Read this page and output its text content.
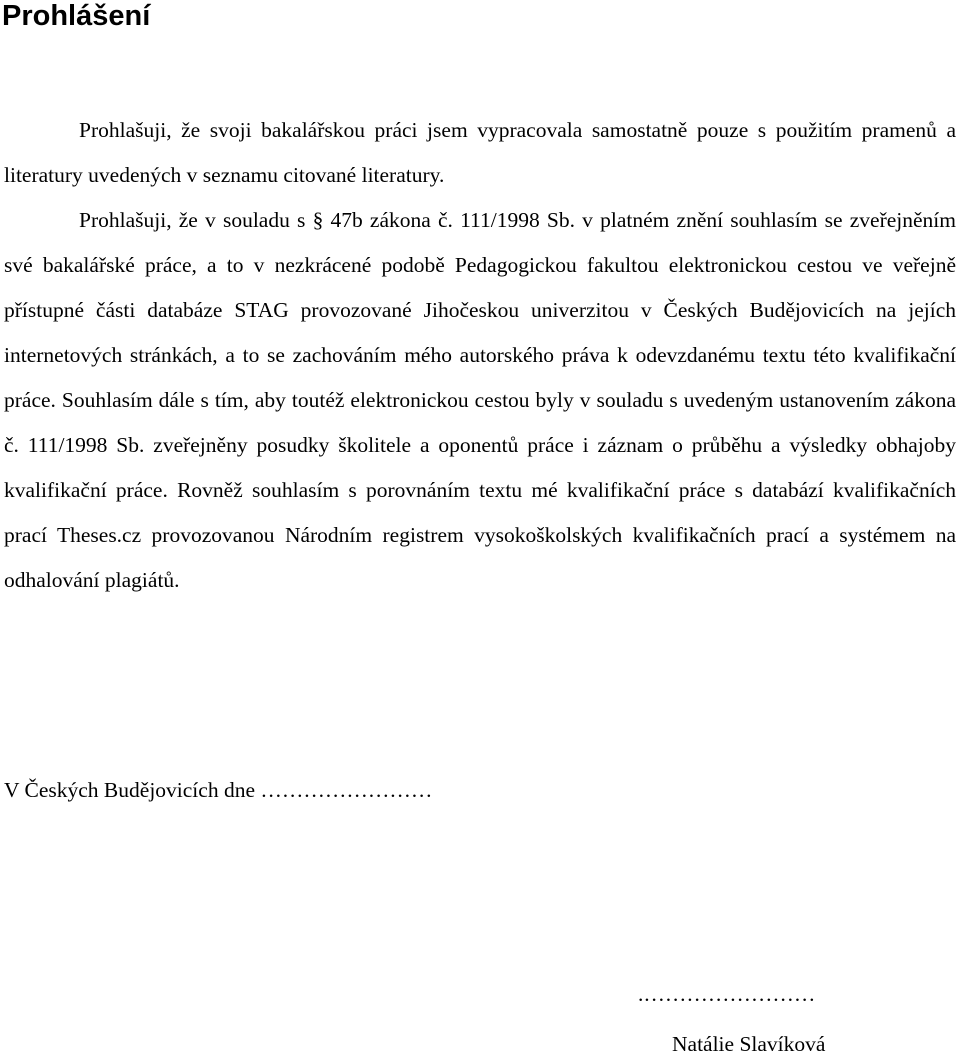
Prohlášení

Prohlašuji, že svoji bakalářskou práci jsem vypracovala samostatně pouze s použitím pramenů a literatury uvedených v seznamu citované literatury.

Prohlašuji, že v souladu s § 47b zákona č. 111/1998 Sb. v platném znění souhlasím se zveřejněním své bakalářské práce, a to v nezkrácené podobě Pedagogickou fakultou elektronickou cestou ve veřejně přístupné části databáze STAG provozované Jihočeskou univerzitou v Českých Budějovicích na jejích internetových stránkách, a to se zachováním mého autorského práva k odevzdanému textu této kvalifikační práce. Souhlasím dále s tím, aby toutéž elektronickou cestou byly v souladu s uvedeným ustanovením zákona č. 111/1998 Sb. zveřejněny posudky školitele a oponentů práce i záznam o průběhu a výsledky obhajoby kvalifikační práce. Rovněž souhlasím s porovnáním textu mé kvalifikační práce s databází kvalifikačních prací Theses.cz provozovanou Národním registrem vysokoškolských kvalifikačních prací a systémem na odhalování plagiátů.

V Českých Budějovicích dne ……………………

.……………………

Natálie Slavíková
